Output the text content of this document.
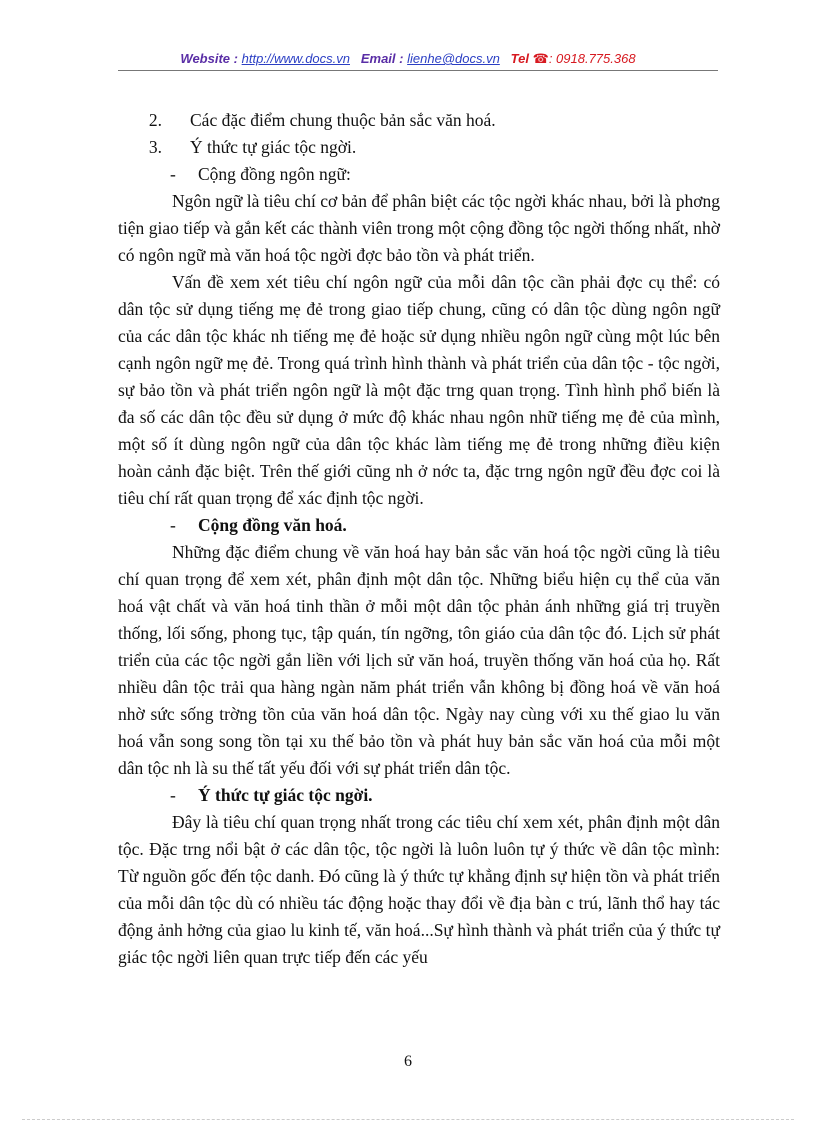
Website : http://www.docs.vn Email : lienhe@docs.vn Tel ☎: 0918.775.368
2.	Các đặc điểm chung thuộc bản sắc văn hoá.
3.	Ý thức tự giác tộc ngời.
- Cộng đồng ngôn ngữ:

Ngôn ngữ là tiêu chí cơ bản để phân biệt các tộc ngời khác nhau, bởi là phơng tiện giao tiếp và gắn kết các thành viên trong một cộng đồng tộc ngời thống nhất, nhờ có ngôn ngữ mà văn hoá tộc ngời đợc bảo tồn và phát triển.

Vấn đề xem xét tiêu chí ngôn ngữ của mỗi dân tộc cần phải đợc cụ thể: có dân tộc sử dụng tiếng mẹ đẻ trong giao tiếp chung, cũng có dân tộc dùng ngôn ngữ của các dân tộc khác nh tiếng mẹ đẻ hoặc sử dụng nhiều ngôn ngữ cùng một lúc bên cạnh ngôn ngữ mẹ đẻ. Trong quá trình hình thành và phát triển của dân tộc - tộc ngời, sự bảo tồn và phát triển ngôn ngữ là một đặc trng quan trọng. Tình hình phổ biến là đa số các dân tộc đều sử dụng ở mức độ khác nhau ngôn nhữ tiếng mẹ đẻ của mình, một số ít dùng ngôn ngữ của dân tộc khác làm tiếng mẹ đẻ trong những điều kiện hoàn cảnh đặc biệt. Trên thế giới cũng nh ở nớc ta, đặc trng ngôn ngữ đều đợc coi là tiêu chí rất quan trọng để xác định tộc ngời.

- Cộng đồng văn hoá.

Những đặc điểm chung về văn hoá hay bản sắc văn hoá tộc ngời cũng là tiêu chí quan trọng để xem xét, phân định một dân tộc. Những biểu hiện cụ thể của văn hoá vật chất và văn hoá tinh thần ở mỗi một dân tộc phản ánh những giá trị truyền thống, lối sống, phong tục, tập quán, tín ngỡng, tôn giáo của dân tộc đó. Lịch sử phát triển của các tộc ngời gắn liền với lịch sử văn hoá, truyền thống văn hoá của họ. Rất nhiều dân tộc trải qua hàng ngàn năm phát triển vẫn không bị đồng hoá về văn hoá nhờ sức sống trờng tồn của văn hoá dân tộc. Ngày nay cùng với xu thế giao lu văn hoá vẫn song song tồn tại xu thế bảo tồn và phát huy bản sắc văn hoá của mỗi một dân tộc nh là su thế tất yếu đối với sự phát triển dân tộc.

- Ý thức tự giác tộc ngời.

Đây là tiêu chí quan trọng nhất trong các tiêu chí xem xét, phân định một dân tộc. Đặc trng nổi bật ở các dân tộc, tộc ngời là luôn luôn tự ý thức về dân tộc mình: Từ nguồn gốc đến tộc danh. Đó cũng là ý thức tự khẳng định sự hiện tồn và phát triển của mỗi dân tộc dù có nhiều tác động hoặc thay đổi về địa bàn c trú, lãnh thổ hay tác động ảnh hởng của giao lu kinh tế, văn hoá...Sự hình thành và phát triển của ý thức tự giác tộc ngời liên quan trực tiếp đến các yếu

6
